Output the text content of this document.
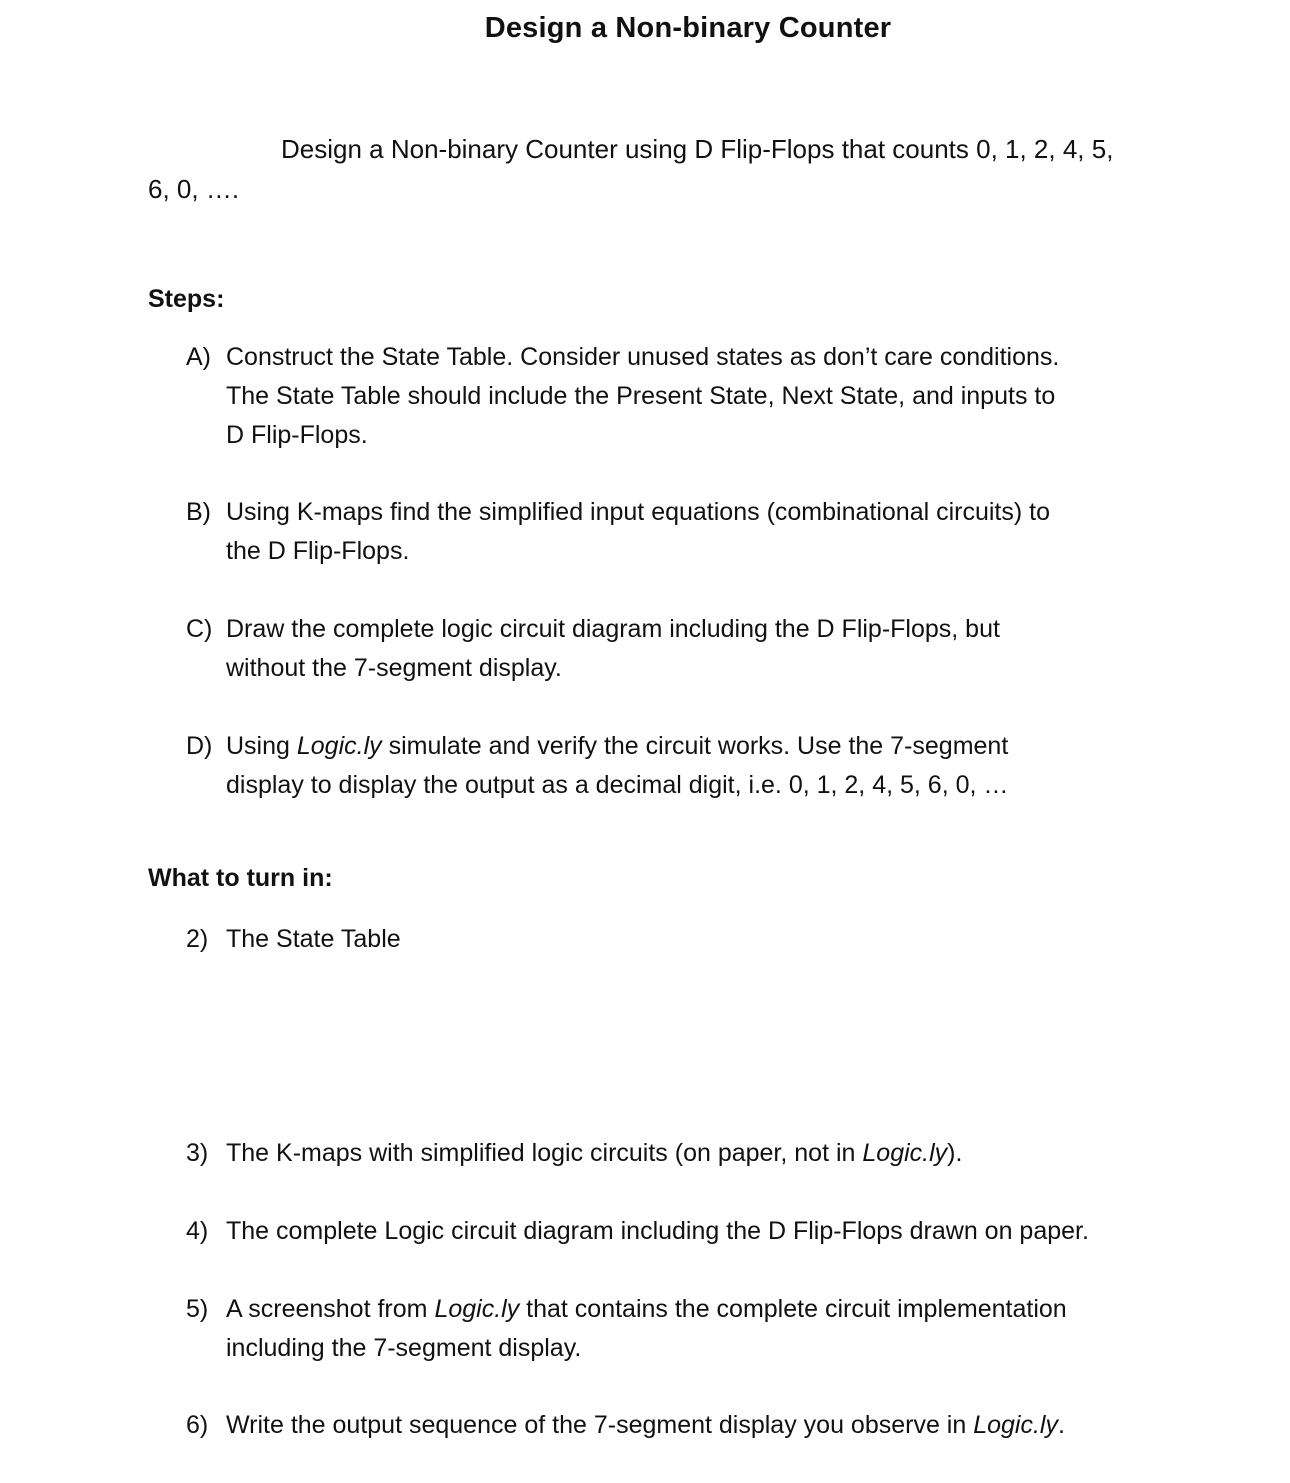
Design a Non-binary Counter
Design a Non-binary Counter using D Flip-Flops that counts 0, 1, 2, 4, 5,
6, 0, ….
Steps:
A) Construct the State Table. Consider unused states as don’t care conditions.
The State Table should include the Present State, Next State, and inputs to
D Flip-Flops.
B) Using K-maps find the simplified input equations (combinational circuits) to
the D Flip-Flops.
C) Draw the complete logic circuit diagram including the D Flip-Flops, but
without the 7-segment display.
D) Using Logic.ly simulate and verify the circuit works. Use the 7-segment
display to display the output as a decimal digit, i.e. 0, 1, 2, 4, 5, 6, 0, …
What to turn in:
2) The State Table
3) The K-maps with simplified logic circuits (on paper, not in Logic.ly).
4) The complete Logic circuit diagram including the D Flip-Flops drawn on paper.
5) A screenshot from Logic.ly that contains the complete circuit implementation
including the 7-segment display.
6) Write the output sequence of the 7-segment display you observe in Logic.ly.
